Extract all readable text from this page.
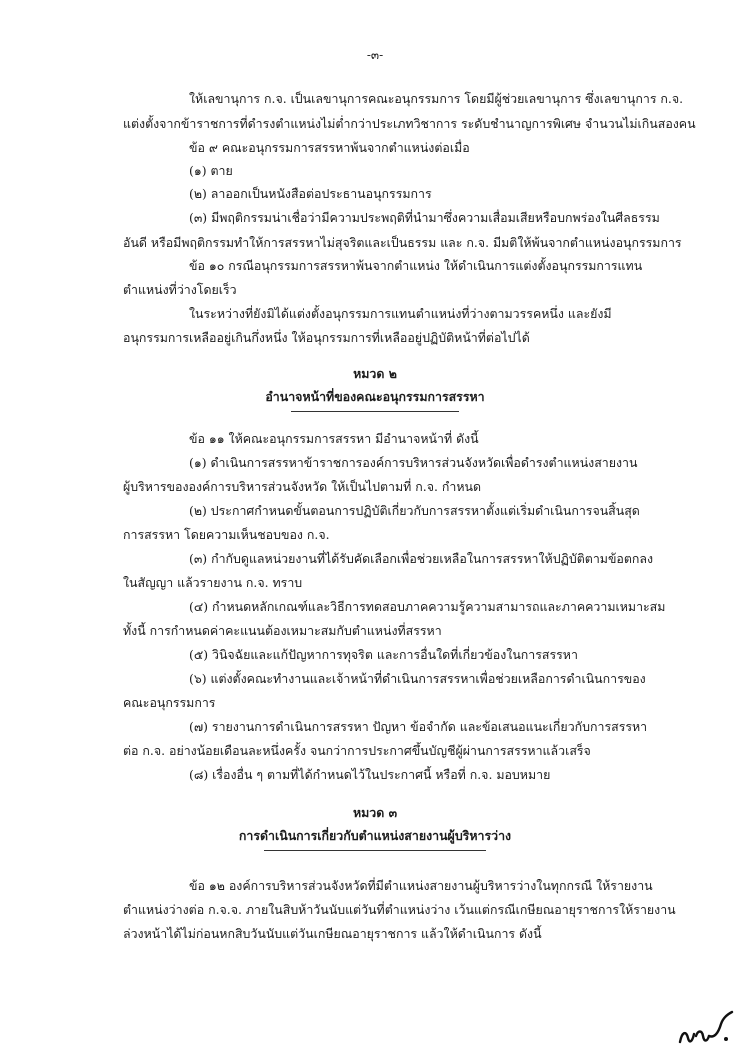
-๓-
ให้เลขานุการ ก.จ. เป็นเลขานุการคณะอนุกรรมการ โดยมีผู้ช่วยเลขานุการ ซึ่งเลขานุการ ก.จ.
แต่งตั้งจากข้าราชการที่ดำรงตำแหน่งไม่ต่ำกว่าประเภทวิชาการ ระดับชำนาญการพิเศษ จำนวนไม่เกินสองคน
ข้อ ๙ คณะอนุกรรมการสรรหาพ้นจากตำแหน่งต่อเมื่อ
(๑) ตาย
(๒) ลาออกเป็นหนังสือต่อประธานอนุกรรมการ
(๓) มีพฤติกรรมน่าเชื่อว่ามีความประพฤติที่นำมาซึ่งความเสื่อมเสียหรือบกพร่องในศีลธรรม
อันดี หรือมีพฤติกรรมทำให้การสรรหาไม่สุจริตและเป็นธรรม และ ก.จ. มีมติให้พ้นจากตำแหน่งอนุกรรมการ
ข้อ ๑๐ กรณีอนุกรรมการสรรหาพ้นจากตำแหน่ง ให้ดำเนินการแต่งตั้งอนุกรรมการแทน
ตำแหน่งที่ว่างโดยเร็ว
ในระหว่างที่ยังมิได้แต่งตั้งอนุกรรมการแทนตำแหน่งที่ว่างตามวรรคหนึ่ง และยังมี
อนุกรรมการเหลืออยู่เกินกึ่งหนึ่ง ให้อนุกรรมการที่เหลืออยู่ปฏิบัติหน้าที่ต่อไปได้
หมวด ๒
อำนาจหน้าที่ของคณะอนุกรรมการสรรหา
ข้อ ๑๑ ให้คณะอนุกรรมการสรรหา มีอำนาจหน้าที่ ดังนี้
(๑) ดำเนินการสรรหาข้าราชการองค์การบริหารส่วนจังหวัดเพื่อดำรงตำแหน่งสายงาน
ผู้บริหารขององค์การบริหารส่วนจังหวัด ให้เป็นไปตามที่ ก.จ. กำหนด
(๒) ประกาศกำหนดขั้นตอนการปฏิบัติเกี่ยวกับการสรรหาตั้งแต่เริ่มดำเนินการจนสิ้นสุด
การสรรหา โดยความเห็นชอบของ ก.จ.
(๓) กำกับดูแลหน่วยงานที่ได้รับคัดเลือกเพื่อช่วยเหลือในการสรรหาให้ปฏิบัติตามข้อตกลง
ในสัญญา แล้วรายงาน ก.จ. ทราบ
(๔) กำหนดหลักเกณฑ์และวิธีการทดสอบภาคความรู้ความสามารถและภาคความเหมาะสม
ทั้งนี้ การกำหนดค่าคะแนนต้องเหมาะสมกับตำแหน่งที่สรรหา
(๕) วินิจฉัยและแก้ปัญหาการทุจริต และการอื่นใดที่เกี่ยวข้องในการสรรหา
(๖) แต่งตั้งคณะทำงานและเจ้าหน้าที่ดำเนินการสรรหาเพื่อช่วยเหลือการดำเนินการของ
คณะอนุกรรมการ
(๗) รายงานการดำเนินการสรรหา ปัญหา ข้อจำกัด และข้อเสนอแนะเกี่ยวกับการสรรหา
ต่อ ก.จ. อย่างน้อยเดือนละหนึ่งครั้ง จนกว่าการประกาศขึ้นบัญชีผู้ผ่านการสรรหาแล้วเสร็จ
(๘) เรื่องอื่น ๆ ตามที่ได้กำหนดไว้ในประกาศนี้ หรือที่ ก.จ. มอบหมาย
หมวด ๓
การดำเนินการเกี่ยวกับตำแหน่งสายงานผู้บริหารว่าง
ข้อ ๑๒ องค์การบริหารส่วนจังหวัดที่มีตำแหน่งสายงานผู้บริหารว่างในทุกกรณี ให้รายงาน
ตำแหน่งว่างต่อ ก.จ.จ. ภายในสิบห้าวันนับแต่วันที่ตำแหน่งว่าง เว้นแต่กรณีเกษียณอายุราชการให้รายงาน
ล่วงหน้าได้ไม่ก่อนหกสิบวันนับแต่วันเกษียณอายุราชการ แล้วให้ดำเนินการ ดังนี้
